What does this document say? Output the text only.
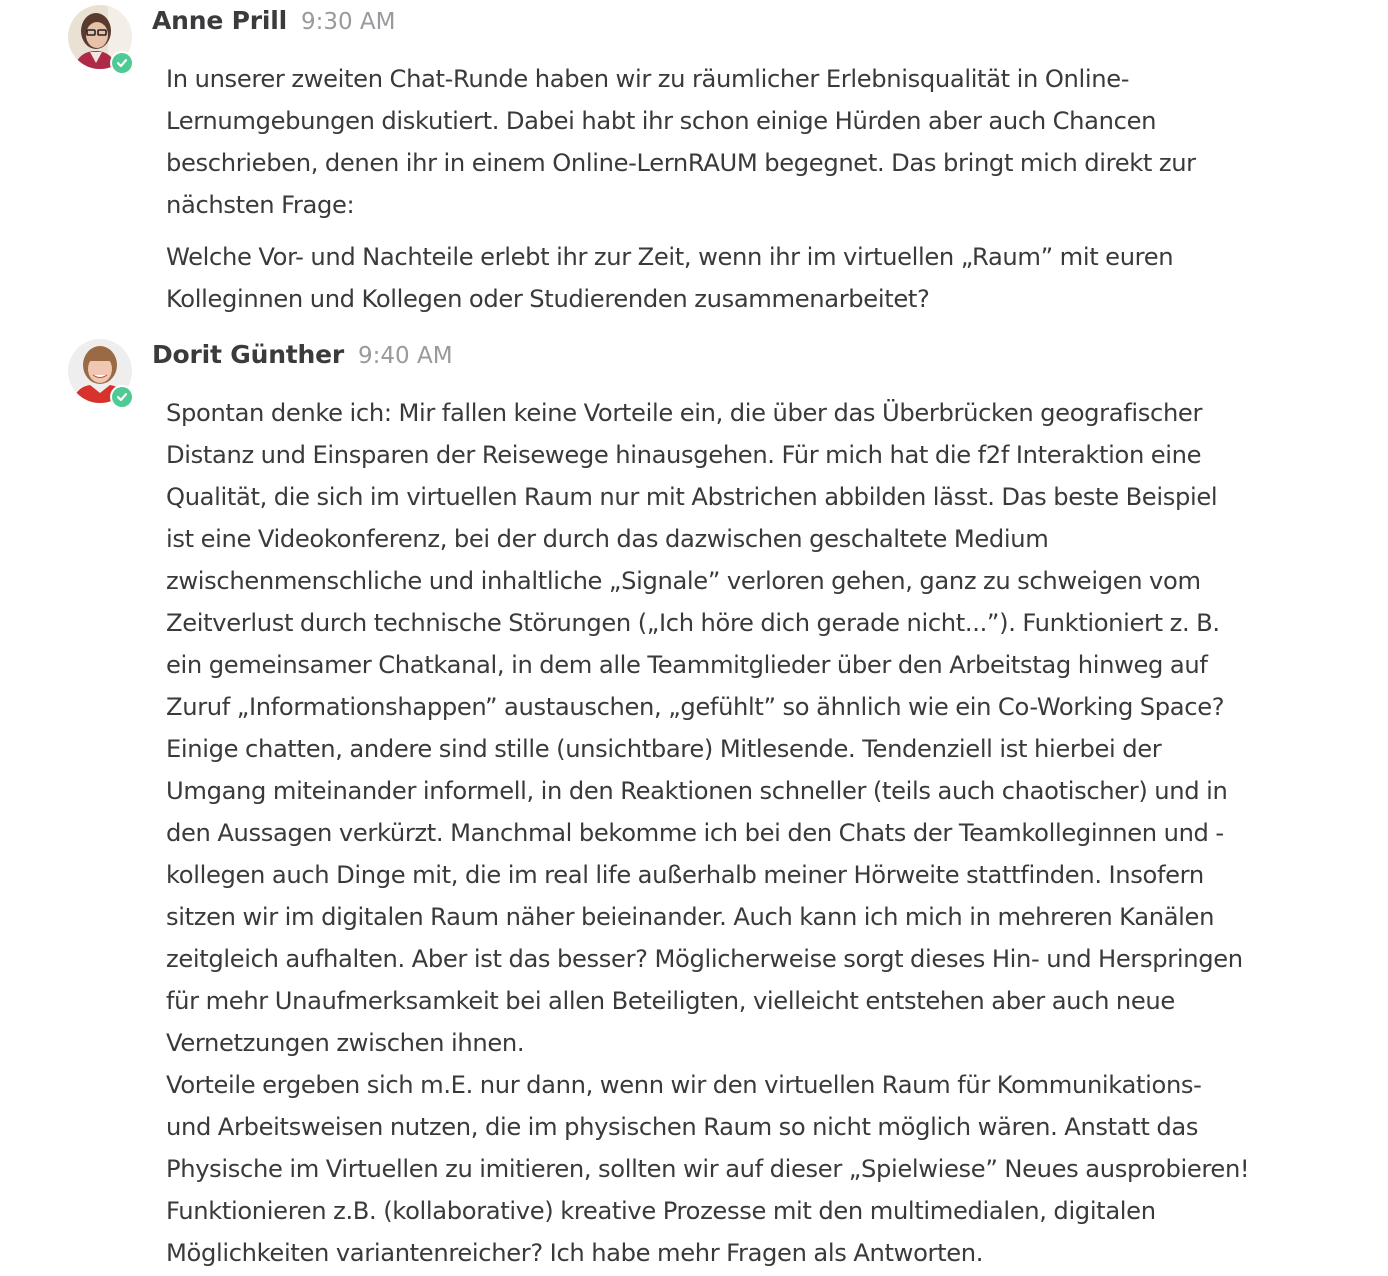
Anne Prill 9:30 AM

In unserer zweiten Chat-Runde haben wir zu räumlicher Erlebnisqualität in Online-

Lernumgebungen diskutiert. Dabei habt ihr schon einige Hürden aber auch Chancen

beschrieben, denen ihr in einem Online-LernRAUM begegnet. Das bringt mich direkt zur

nächsten Frage:

Welche Vor- und Nachteile erlebt ihr zur Zeit, wenn ihr im virtuellen „Raum” mit euren

Kolleginnen und Kollegen oder Studierenden zusammenarbeitet?

Dorit Günther 9:40 AM

Spontan denke ich: Mir fallen keine Vorteile ein, die über das Überbrücken geografischer

Distanz und Einsparen der Reisewege hinausgehen. Für mich hat die f2f Interaktion eine

Qualität, die sich im virtuellen Raum nur mit Abstrichen abbilden lässt. Das beste Beispiel

ist eine Videokonferenz, bei der durch das dazwischen geschaltete Medium

zwischenmenschliche und inhaltliche „Signale” verloren gehen, ganz zu schweigen vom

Zeitverlust durch technische Störungen („Ich höre dich gerade nicht...”). Funktioniert z. B.

ein gemeinsamer Chatkanal, in dem alle Teammitglieder über den Arbeitstag hinweg auf

Zuruf „Informationshappen” austauschen, „gefühlt” so ähnlich wie ein Co-Working Space?

Einige chatten, andere sind stille (unsichtbare) Mitlesende. Tendenziell ist hierbei der

Umgang miteinander informell, in den Reaktionen schneller (teils auch chaotischer) und in

den Aussagen verkürzt. Manchmal bekomme ich bei den Chats der Teamkolleginnen und -

kollegen auch Dinge mit, die im real life außerhalb meiner Hörweite stattfinden. Insofern

sitzen wir im digitalen Raum näher beieinander. Auch kann ich mich in mehreren Kanälen

zeitgleich aufhalten. Aber ist das besser? Möglicherweise sorgt dieses Hin- und Herspringen

für mehr Unaufmerksamkeit bei allen Beteiligten, vielleicht entstehen aber auch neue

Vernetzungen zwischen ihnen.

Vorteile ergeben sich m.E. nur dann, wenn wir den virtuellen Raum für Kommunikations-

und Arbeitsweisen nutzen, die im physischen Raum so nicht möglich wären. Anstatt das

Physische im Virtuellen zu imitieren, sollten wir auf dieser „Spielwiese” Neues ausprobieren!

Funktionieren z.B. (kollaborative) kreative Prozesse mit den multimedialen, digitalen

Möglichkeiten variantenreicher? Ich habe mehr Fragen als Antworten.
